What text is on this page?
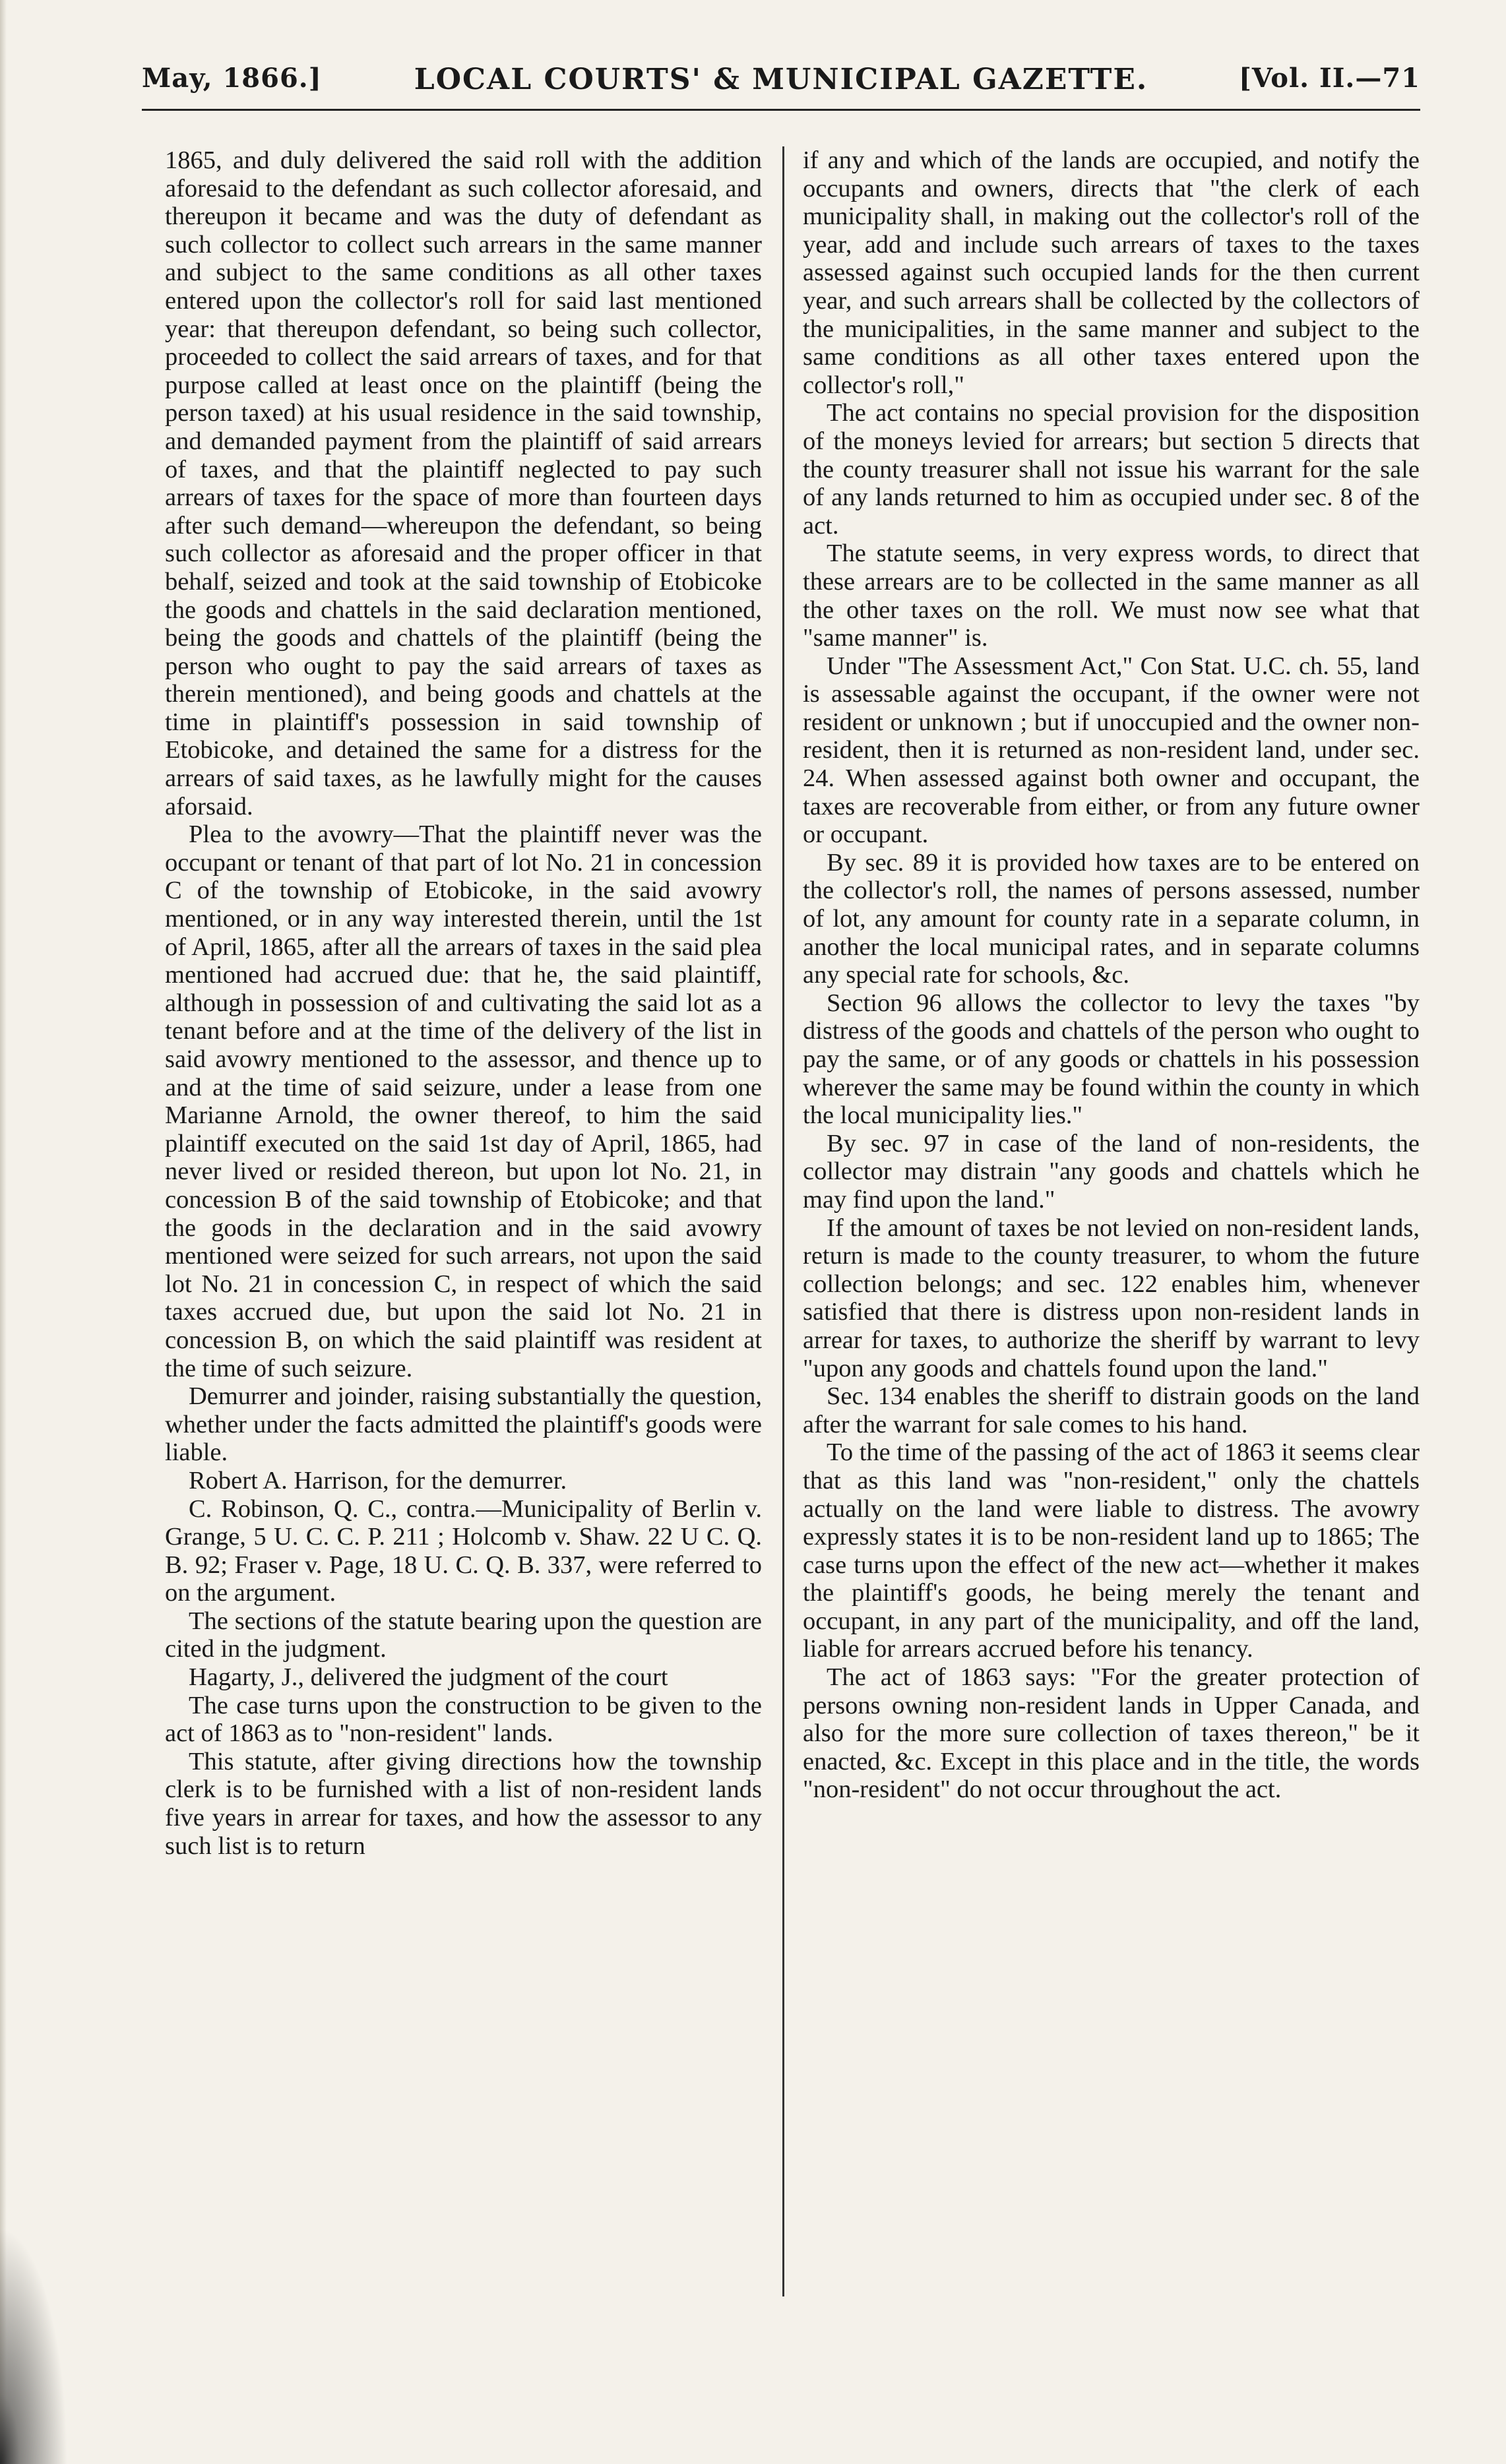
May, 1866.]	LOCAL COURTS' & MUNICIPAL GAZETTE.	[Vol. II.—71

1865, and duly delivered the said roll with the addition aforesaid to the defendant as such collector aforesaid, and thereupon it became and was the duty of defendant as such collector to collect such arrears in the same manner and subject to the same conditions as all other taxes entered upon the collector's roll for said last mentioned year: that thereupon defendant, so being such collector, proceeded to collect the said arrears of taxes, and for that purpose called at least once on the plaintiff (being the person taxed) at his usual residence in the said township, and demanded payment from the plaintiff of said arrears of taxes, and that the plaintiff neglected to pay such arrears of taxes for the space of more than fourteen days after such demand—whereupon the defendant, so being such collector as aforesaid and the proper officer in that behalf, seized and took at the said township of Etobicoke the goods and chattels in the said declaration mentioned, being the goods and chattels of the plaintiff (being the person who ought to pay the said arrears of taxes as therein mentioned), and being goods and chattels at the time in plaintiff's possession in said township of Etobicoke, and detained the same for a distress for the arrears of said taxes, as he lawfully might for the causes aforsaid.

Plea to the avowry—That the plaintiff never was the occupant or tenant of that part of lot No. 21 in concession C of the township of Etobicoke, in the said avowry mentioned, or in any way interested therein, until the 1st of April, 1865, after all the arrears of taxes in the said plea mentioned had accrued due: that he, the said plaintiff, although in possession of and cultivating the said lot as a tenant before and at the time of the delivery of the list in said avowry mentioned to the assessor, and thence up to and at the time of said seizure, under a lease from one Marianne Arnold, the owner thereof, to him the said plaintiff executed on the said 1st day of April, 1865, had never lived or resided thereon, but upon lot No. 21, in concession B of the said township of Etobicoke; and that the goods in the declaration and in the said avowry mentioned were seized for such arrears, not upon the said lot No. 21 in concession C, in respect of which the said taxes accrued due, but upon the said lot No. 21 in concession B, on which the said plaintiff was resident at the time of such seizure.

Demurrer and joinder, raising substantially the question, whether under the facts admitted the plaintiff's goods were liable.

Robert A. Harrison, for the demurrer.

C. Robinson, Q. C., contra.—Municipality of Berlin v. Grange, 5 U. C. C. P. 211 ; Holcomb v. Shaw. 22 U C. Q. B. 92; Fraser v. Page, 18 U. C. Q. B. 337, were referred to on the argument.

The sections of the statute bearing upon the question are cited in the judgment.

Hagarty, J., delivered the judgment of the court

The case turns upon the construction to be given to the act of 1863 as to "non-resident" lands.

This statute, after giving directions how the township clerk is to be furnished with a list of non-resident lands five years in arrear for taxes, and how the assessor to any such list is to return

if any and which of the lands are occupied, and notify the occupants and owners, directs that "the clerk of each municipality shall, in making out the collector's roll of the year, add and include such arrears of taxes to the taxes assessed against such occupied lands for the then current year, and such arrears shall be collected by the collectors of the municipalities, in the same manner and subject to the same conditions as all other taxes entered upon the collector's roll,"

The act contains no special provision for the disposition of the moneys levied for arrears; but section 5 directs that the county treasurer shall not issue his warrant for the sale of any lands returned to him as occupied under sec. 8 of the act.

The statute seems, in very express words, to direct that these arrears are to be collected in the same manner as all the other taxes on the roll. We must now see what that "same manner" is.

Under "The Assessment Act," Con Stat. U.C. ch. 55, land is assessable against the occupant, if the owner were not resident or unknown ; but if unoccupied and the owner non-resident, then it is returned as non-resident land, under sec. 24. When assessed against both owner and occupant, the taxes are recoverable from either, or from any future owner or occupant.

By sec. 89 it is provided how taxes are to be entered on the collector's roll, the names of persons assessed, number of lot, any amount for county rate in a separate column, in another the local municipal rates, and in separate columns any special rate for schools, &c.

Section 96 allows the collector to levy the taxes "by distress of the goods and chattels of the person who ought to pay the same, or of any goods or chattels in his possession wherever the same may be found within the county in which the local municipality lies."

By sec. 97 in case of the land of non-residents, the collector may distrain "any goods and chattels which he may find upon the land."

If the amount of taxes be not levied on non-resident lands, return is made to the county treasurer, to whom the future collection belongs; and sec. 122 enables him, whenever satisfied that there is distress upon non-resident lands in arrear for taxes, to authorize the sheriff by warrant to levy "upon any goods and chattels found upon the land."

Sec. 134 enables the sheriff to distrain goods on the land after the warrant for sale comes to his hand.

To the time of the passing of the act of 1863 it seems clear that as this land was "non-resident," only the chattels actually on the land were liable to distress. The avowry expressly states it is to be non-resident land up to 1865; The case turns upon the effect of the new act—whether it makes the plaintiff's goods, he being merely the tenant and occupant, in any part of the municipality, and off the land, liable for arrears accrued before his tenancy.

The act of 1863 says: "For the greater protection of persons owning non-resident lands in Upper Canada, and also for the more sure collection of taxes thereon," be it enacted, &c. Except in this place and in the title, the words "non-resident" do not occur throughout the act.
